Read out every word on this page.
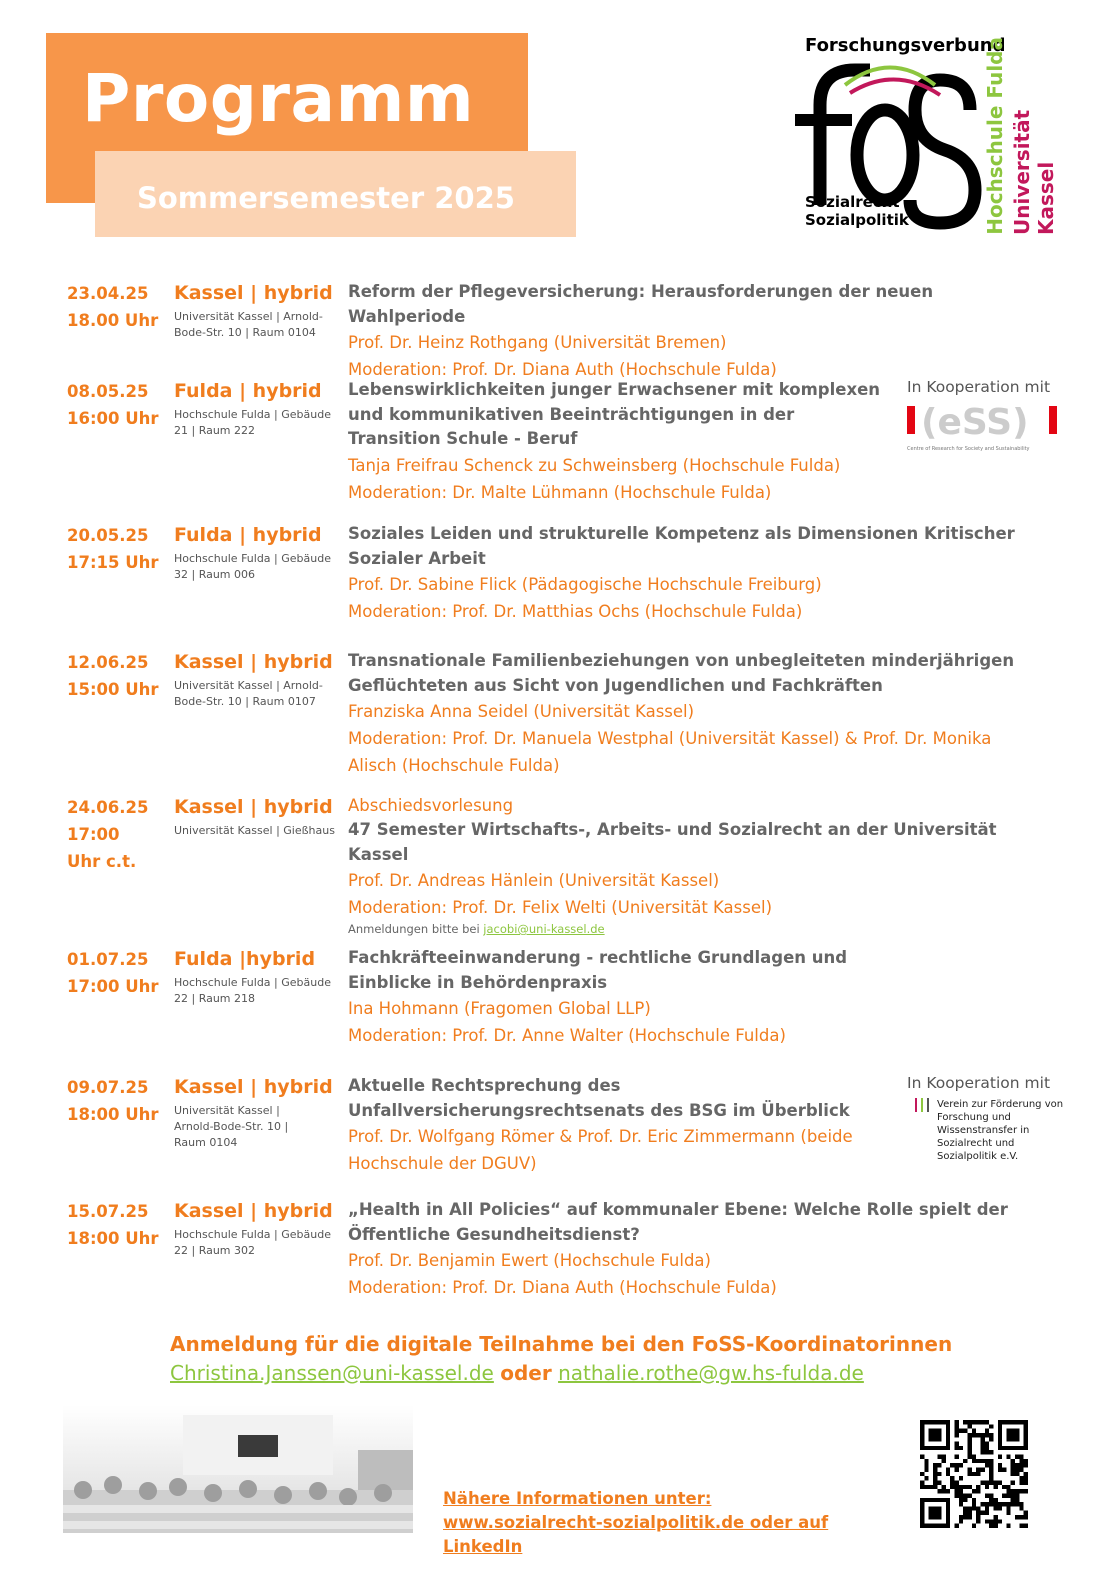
Programm
Sommersemester 2025
Forschungsverbund
Sozialrecht
Sozialpolitik	Hochschule Fulda Universität Kassel
23.04.25
18.00 Uhr
Kassel | hybrid
Universität Kassel | Arnold-Bode-Str. 10 | Raum 0104
Reform der Pflegeversicherung: Herausforderungen der neuen Wahlperiode
Prof. Dr. Heinz Rothgang (Universität Bremen)
Moderation: Prof. Dr. Diana Auth (Hochschule Fulda)
08.05.25
16:00 Uhr
Fulda | hybrid
Hochschule Fulda | Gebäude 21 | Raum 222
Lebenswirklichkeiten junger Erwachsener mit komplexen und kommunikativen Beeinträchtigungen in der Transition Schule - Beruf
Tanja Freifrau Schenck zu Schweinsberg (Hochschule Fulda)
Moderation: Dr. Malte Lühmann (Hochschule Fulda)
In Kooperation mit
(eSS)
Centre of Research for Society and Sustainability
20.05.25
17:15 Uhr
Fulda | hybrid
Hochschule Fulda | Gebäude 32 | Raum 006
Soziales Leiden und strukturelle Kompetenz als Dimensionen Kritischer Sozialer Arbeit
Prof. Dr. Sabine Flick (Pädagogische Hochschule Freiburg)
Moderation: Prof. Dr. Matthias Ochs (Hochschule Fulda)
12.06.25
15:00 Uhr
Kassel | hybrid
Universität Kassel | Arnold-Bode-Str. 10 | Raum 0107
Transnationale Familienbeziehungen von unbegleiteten minderjährigen Geflüchteten aus Sicht von Jugendlichen und Fachkräften
Franziska Anna Seidel (Universität Kassel)
Moderation: Prof. Dr. Manuela Westphal (Universität Kassel) & Prof. Dr. Monika Alisch (Hochschule Fulda)
24.06.25
17:00 Uhr c.t.
Kassel | hybrid
Universität Kassel | Gießhaus
Abschiedsvorlesung
47 Semester Wirtschafts-, Arbeits- und Sozialrecht an der Universität Kassel
Prof. Dr. Andreas Hänlein (Universität Kassel)
Moderation: Prof. Dr. Felix Welti (Universität Kassel)
Anmeldungen bitte bei jacobi@uni-kassel.de
01.07.25
17:00 Uhr
Fulda |hybrid
Hochschule Fulda | Gebäude 22 | Raum 218
Fachkräfteeinwanderung - rechtliche Grundlagen und Einblicke in Behördenpraxis
Ina Hohmann (Fragomen Global LLP)
Moderation: Prof. Dr. Anne Walter (Hochschule Fulda)
09.07.25
18:00 Uhr
Kassel | hybrid
Universität Kassel | Arnold-Bode-Str. 10 | Raum 0104
Aktuelle Rechtsprechung des Unfallversicherungsrechtsenats des BSG im Überblick
Prof. Dr. Wolfgang Römer & Prof. Dr. Eric Zimmermann (beide Hochschule der DGUV)
In Kooperation mit
Verein zur Förderung von Forschung und Wissenstransfer in Sozialrecht und Sozialpolitik e.V.
15.07.25
18:00 Uhr
Kassel | hybrid
Hochschule Fulda | Gebäude 22 | Raum 302
„Health in All Policies“ auf kommunaler Ebene: Welche Rolle spielt der Öffentliche Gesundheitsdienst?
Prof. Dr. Benjamin Ewert (Hochschule Fulda)
Moderation: Prof. Dr. Diana Auth (Hochschule Fulda)
Anmeldung für die digitale Teilnahme bei den FoSS-Koordinatorinnen
Christina.Janssen@uni-kassel.de oder nathalie.rothe@gw.hs-fulda.de
Nähere Informationen unter: www.sozialrecht-sozialpolitik.de oder auf LinkedIn
